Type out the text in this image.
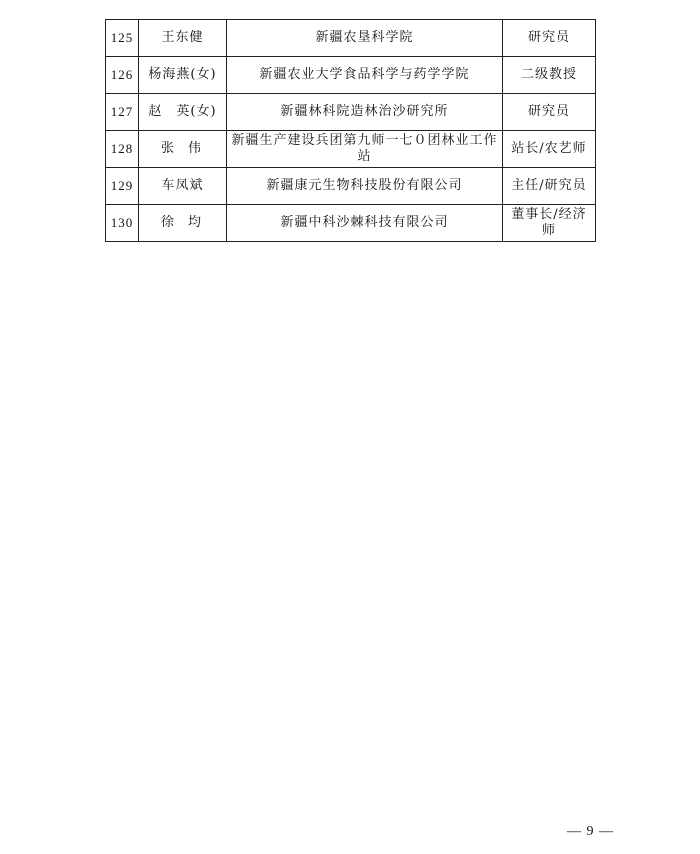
125	王东健	新疆农垦科学院	研究员
126	杨海燕(女)	新疆农业大学食品科学与药学学院	二级教授
127	赵　英(女)	新疆林科院造林治沙研究所	研究员
128	张伟	新疆生产建设兵团第九师一七０团林业工作站	站长/农艺师
129	车凤斌	新疆康元生物科技股份有限公司	主任/研究员
130	徐均	新疆中科沙棘科技有限公司	董事长/经济师
— 9 —
